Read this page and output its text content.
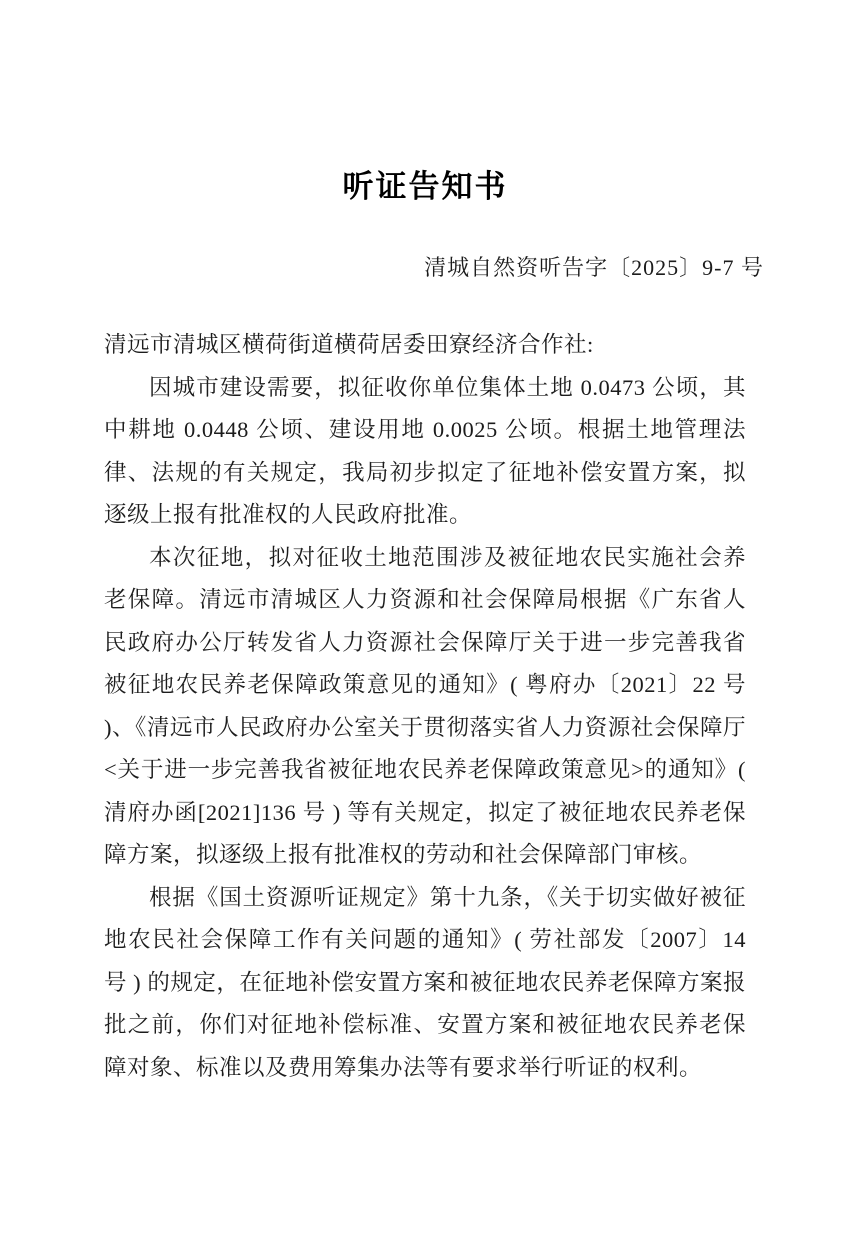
听证告知书
清城自然资听告字〔2025〕9-7 号
清远市清城区横荷街道横荷居委田寮经济合作社:

因城市建设需要，拟征收你单位集体土地 0.0473 公顷，其中耕地 0.0448 公顷、建设用地 0.0025 公顷。根据土地管理法律、法规的有关规定，我局初步拟定了征地补偿安置方案，拟逐级上报有批准权的人民政府批准。

本次征地，拟对征收土地范围涉及被征地农民实施社会养老保障。清远市清城区人力资源和社会保障局根据《广东省人民政府办公厅转发省人力资源社会保障厅关于进一步完善我省被征地农民养老保障政策意见的通知》( 粤府办〔2021〕22 号 )、《清远市人民政府办公室关于贯彻落实省人力资源社会保障厅<关于进一步完善我省被征地农民养老保障政策意见>的通知》( 清府办函[2021]136 号 ) 等有关规定，拟定了被征地农民养老保障方案，拟逐级上报有批准权的劳动和社会保障部门审核。

根据《国土资源听证规定》第十九条，《关于切实做好被征地农民社会保障工作有关问题的通知》( 劳社部发〔2007〕14 号 ) 的规定，在征地补偿安置方案和被征地农民养老保障方案报批之前，你们对征地补偿标准、安置方案和被征地农民养老保障对象、标准以及费用筹集办法等有要求举行听证的权利。
